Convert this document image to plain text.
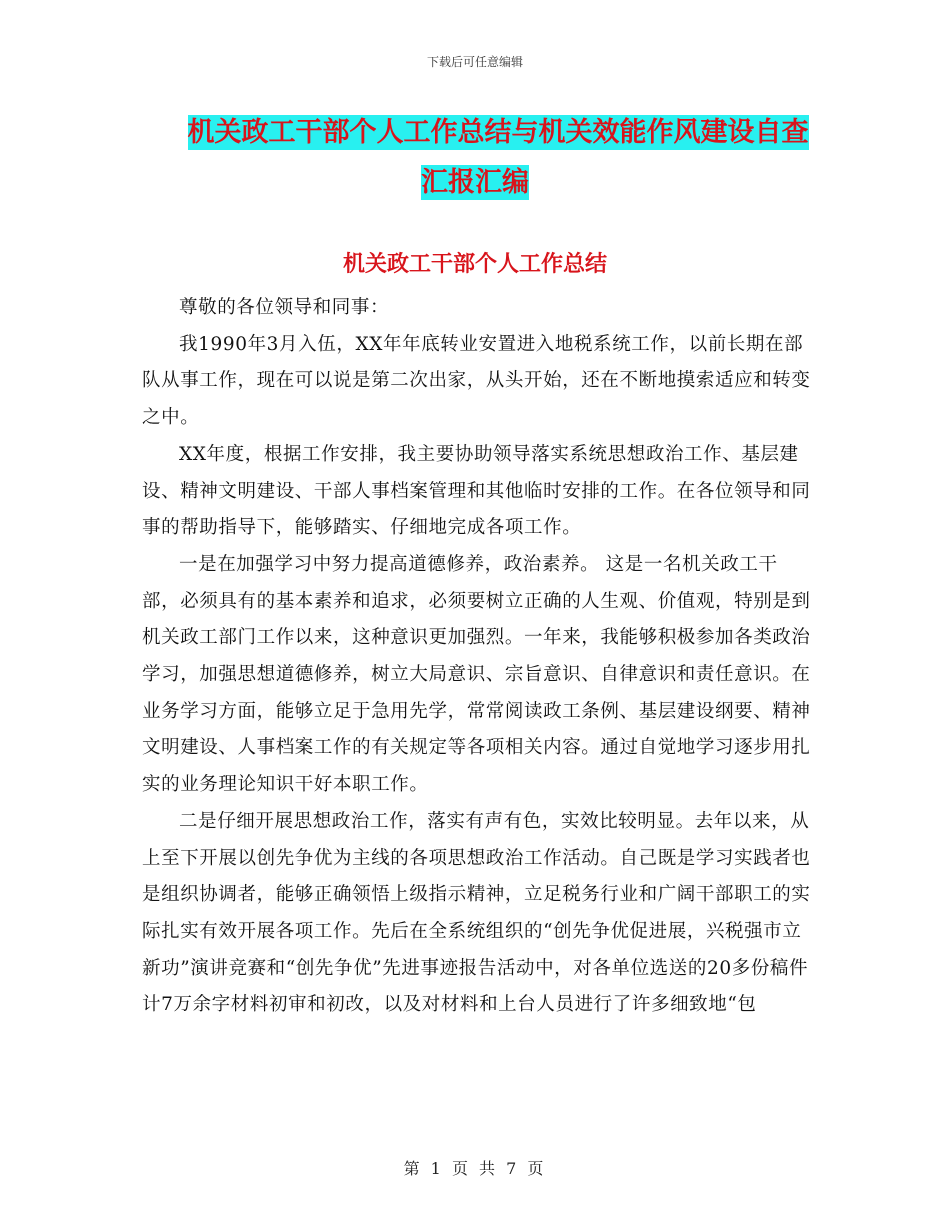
下载后可任意编辑
机关政工干部个人工作总结与机关效能作风建设自查
汇报汇编
机关政工干部个人工作总结

尊敬的各位领导和同事：

我1990年3月入伍，XX年年底转业安置进入地税系统工作，以前长期在部队从事工作，现在可以说是第二次出家，从头开始，还在不断地摸索适应和转变之中。

XX年度，根据工作安排，我主要协助领导落实系统思想政治工作、基层建设、精神文明建设、干部人事档案管理和其他临时安排的工作。在各位领导和同事的帮助指导下，能够踏实、仔细地完成各项工作。

一是在加强学习中努力提高道德修养，政治素养。 这是一名机关政工干部，必须具有的基本素养和追求，必须要树立正确的人生观、价值观，特别是到机关政工部门工作以来，这种意识更加强烈。一年来，我能够积极参加各类政治学习，加强思想道德修养，树立大局意识、宗旨意识、自律意识和责任意识。在业务学习方面，能够立足于急用先学，常常阅读政工条例、基层建设纲要、精神文明建设、人事档案工作的有关规定等各项相关内容。通过自觉地学习逐步用扎实的业务理论知识干好本职工作。

二是仔细开展思想政治工作，落实有声有色，实效比较明显。去年以来，从上至下开展以创先争优为主线的各项思想政治工作活动。自己既是学习实践者也是组织协调者，能够正确领悟上级指示精神，立足税务行业和广阔干部职工的实际扎实有效开展各项工作。先后在全系统组织的“创先争优促进展，兴税强市立新功”演讲竞赛和“创先争优”先进事迹报告活动中，对各单位选送的20多份稿件计7万余字材料初审和初改，以及对材料和上台人员进行了许多细致地“包

第 1 页 共 7 页
